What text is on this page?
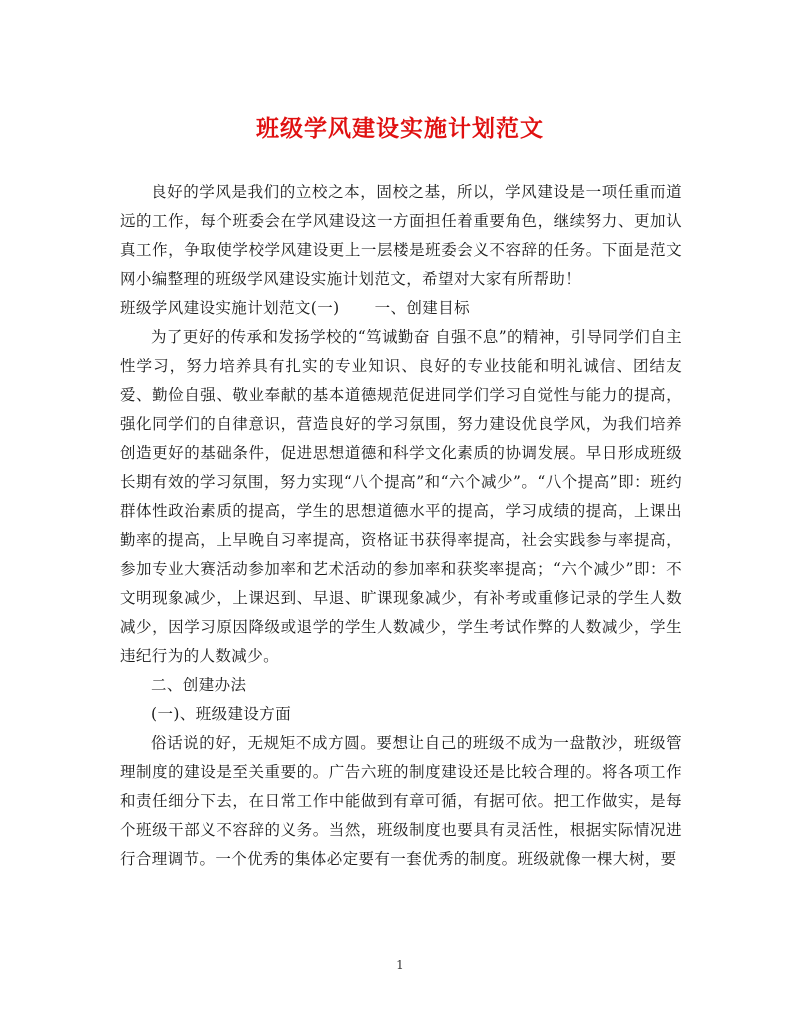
班级学风建设实施计划范文

良好的学风是我们的立校之本，固校之基，所以，学风建设是一项任重而道远的工作，每个班委会在学风建设这一方面担任着重要角色，继续努力、更加认真工作，争取使学校学风建设更上一层楼是班委会义不容辞的任务。下面是范文网小编整理的班级学风建设实施计划范文，希望对大家有所帮助！

班级学风建设实施计划范文(一) 一、创建目标

为了更好的传承和发扬学校的“笃诚勤奋 自强不息”的精神，引导同学们自主性学习，努力培养具有扎实的专业知识、良好的专业技能和明礼诚信、团结友爱、勤俭自强、敬业奉献的基本道德规范促进同学们学习自觉性与能力的提高，强化同学们的自律意识，营造良好的学习氛围，努力建设优良学风，为我们培养创造更好的基础条件，促进思想道德和科学文化素质的协调发展。早日形成班级长期有效的学习氛围，努力实现“八个提高”和“六个减少”。“八个提高”即：班约群体性政治素质的提高，学生的思想道德水平的提高，学习成绩的提高，上课出勤率的提高，上早晚自习率提高，资格证书获得率提高，社会实践参与率提高，参加专业大赛活动参加率和艺术活动的参加率和获奖率提高；“六个减少”即：不文明现象减少，上课迟到、早退、旷课现象减少，有补考或重修记录的学生人数减少，因学习原因降级或退学的学生人数减少，学生考试作弊的人数减少，学生违纪行为的人数减少。

二、创建办法

(一)、班级建设方面

俗话说的好，无规矩不成方圆。要想让自己的班级不成为一盘散沙，班级管理制度的建设是至关重要的。广告六班的制度建设还是比较合理的。将各项工作和责任细分下去，在日常工作中能做到有章可循，有据可依。把工作做实，是每个班级干部义不容辞的义务。当然，班级制度也要具有灵活性，根据实际情况进行合理调节。一个优秀的集体必定要有一套优秀的制度。班级就像一棵大树，要

1
